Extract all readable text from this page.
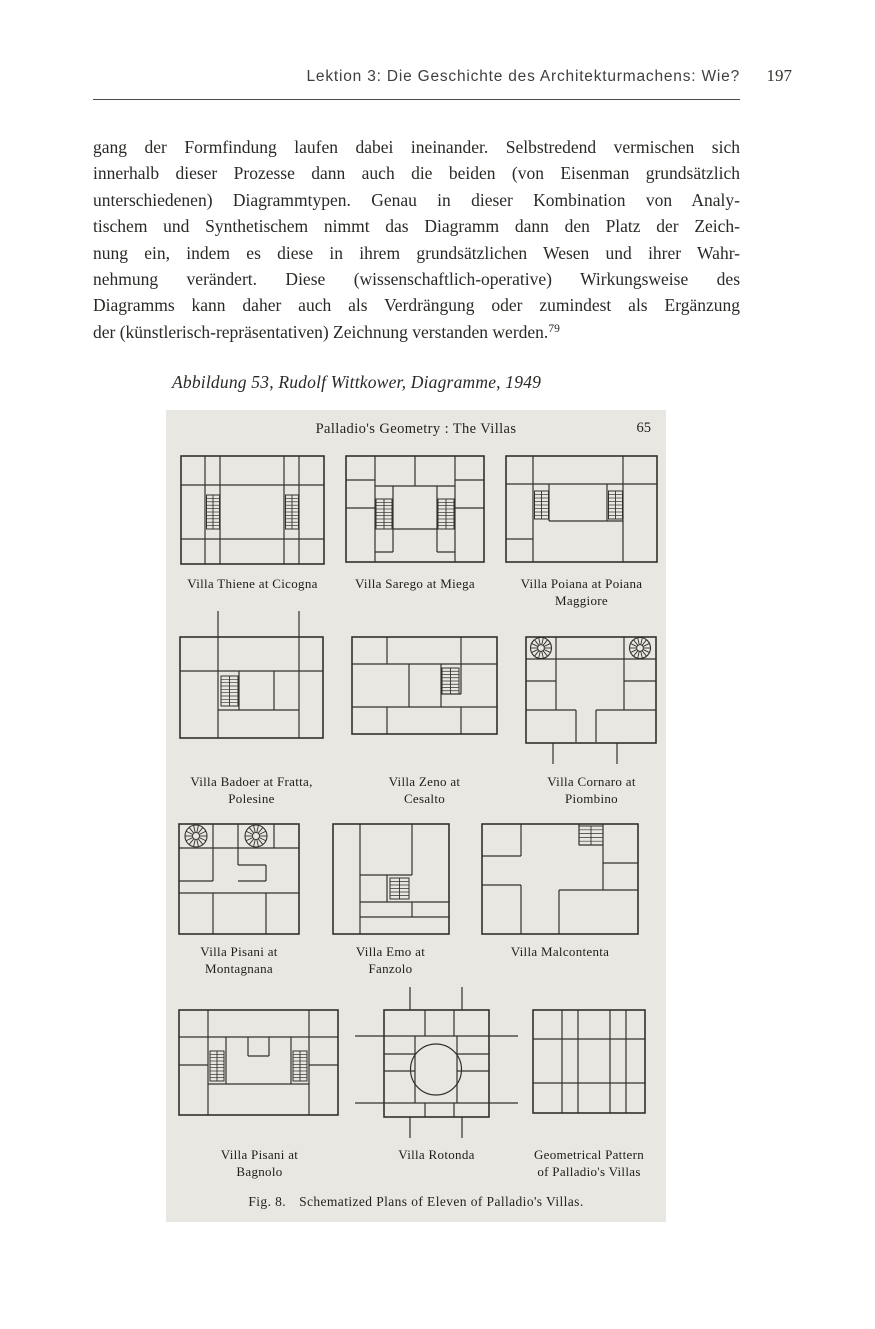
Lektion 3: Die Geschichte des Architekturmachens: Wie?	197
gang der Formfindung laufen dabei ineinander. Selbstredend vermischen sich
innerhalb dieser Prozesse dann auch die beiden (von Eisenman grundsätzlich
unterschiedenen) Diagrammtypen. Genau in dieser Kombination von Analy-
tischem und Synthetischem nimmt das Diagramm dann den Platz der Zeich-
nung ein, indem es diese in ihrem grundsätzlichen Wesen und ihrer Wahr-
nehmung verändert. Diese (wissenschaftlich-operative) Wirkungsweise des
Diagramms kann daher auch als Verdrängung oder zumindest als Ergänzung
der (künstlerisch-repräsentativen) Zeichnung verstanden werden.$^{79}$
Abbildung 53, Rudolf Wittkower, Diagramme, 1949
Palladio's Geometry : The Villas	65
Villa Thiene at Cicogna	Villa Sarego at Miega	Villa Poiana at Poiana
Maggiore
Villa Badoer at Fratta,
Polesine
Villa Zeno at
Cesalto
Villa Cornaro at
Piombino
Villa Pisani at
Montagnana
Villa Emo at
Fanzolo
Villa Malcontenta
Villa Pisani at
Bagnolo
Villa Rotonda	Geometrical Pattern
of Palladio's Villas
Fig. 8. Schematized Plans of Eleven of Palladio's Villas.
